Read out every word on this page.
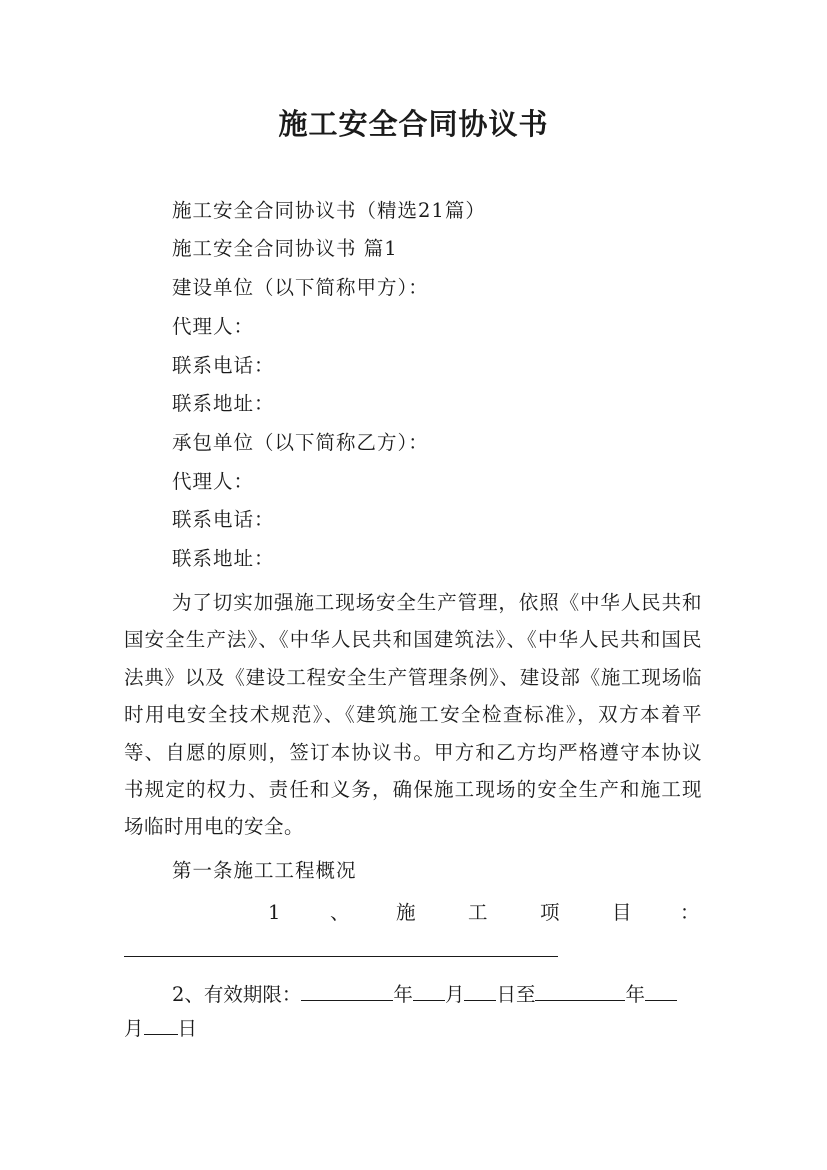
施工安全合同协议书
施工安全合同协议书（精选21篇）
施工安全合同协议书 篇1
建设单位（以下简称甲方）：
代理人：
联系电话：
联系地址：
承包单位（以下简称乙方）：
代理人：
联系电话：
联系地址：
为了切实加强施工现场安全生产管理，依照《中华人民共和国安全生产法》、《中华人民共和国建筑法》、《中华人民共和国民法典》以及《建设工程安全生产管理条例》、建设部《施工现场临时用电安全技术规范》、《建筑施工安全检查标准》，双方本着平等、自愿的原则，签订本协议书。甲方和乙方均严格遵守本协议书规定的权力、责任和义务，确保施工现场的安全生产和施工现场临时用电的安全。
第一条施工工程概况
1	、 施	工	项	目 ：
2、有效期限：	年 月 日至	年
月 日
